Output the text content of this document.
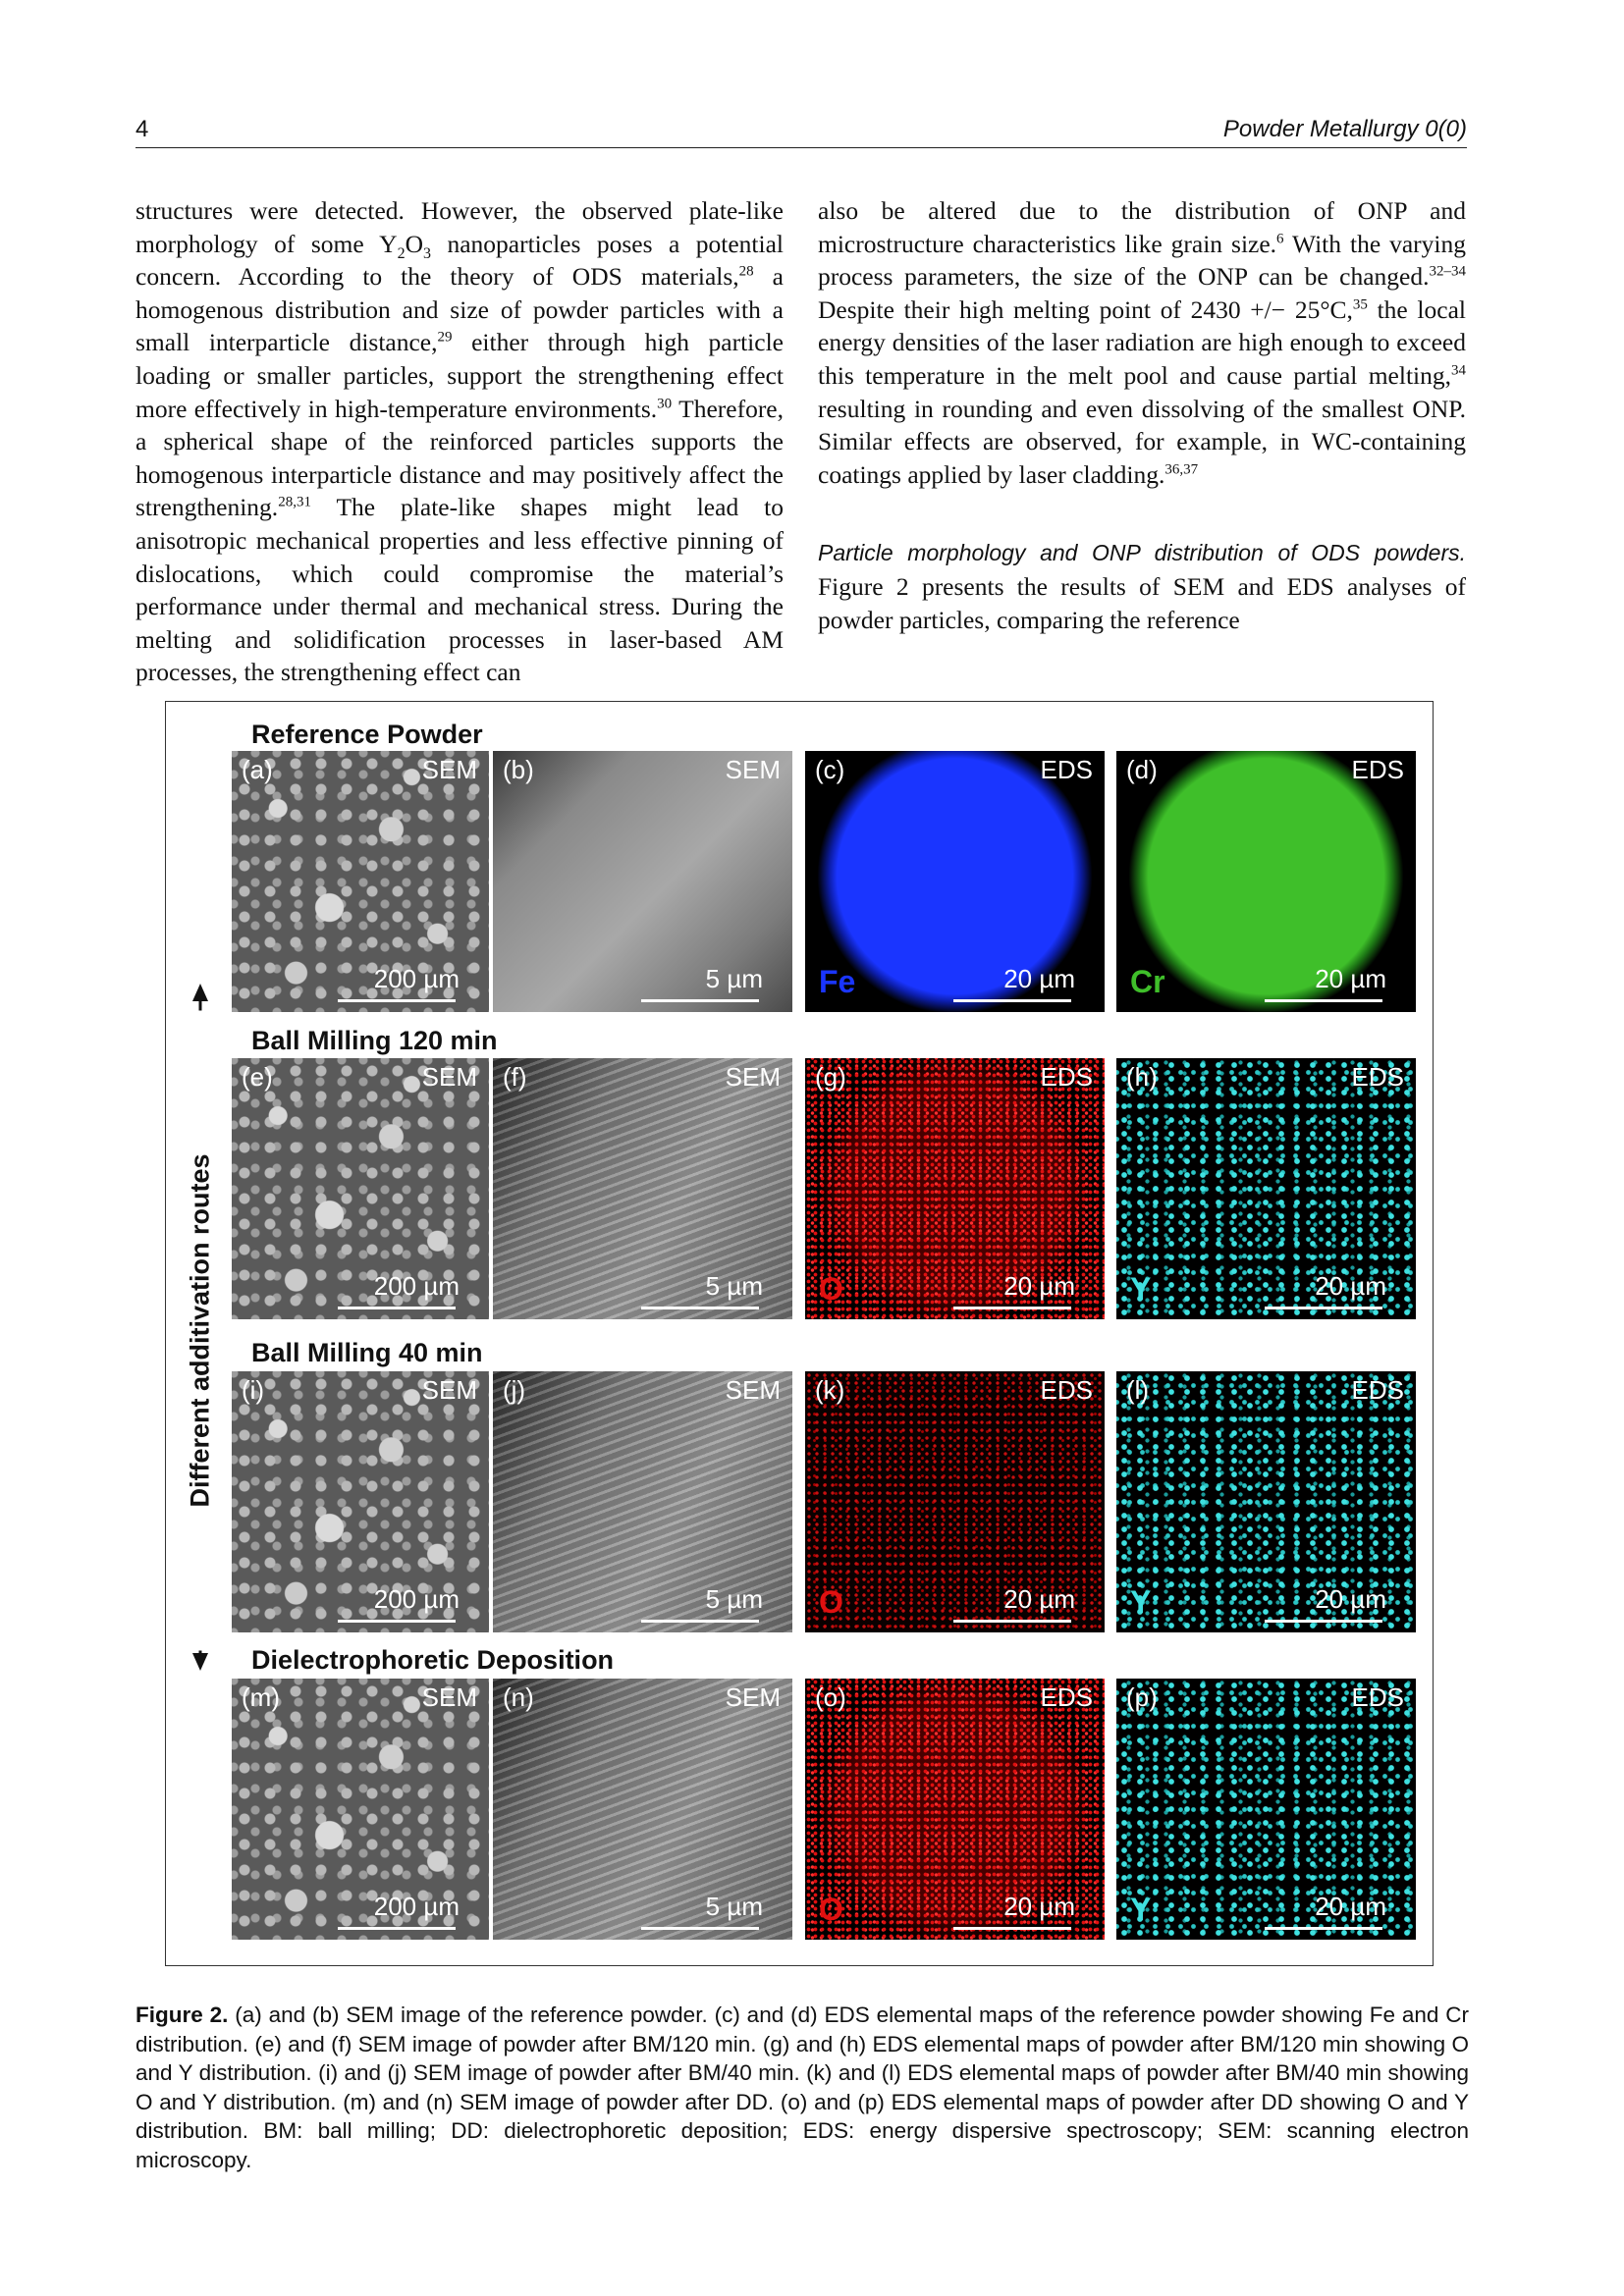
4	Powder Metallurgy 0(0)

structures were detected. However, the observed plate-like morphology of some $Y_2O_3$ nanoparticles poses a potential concern. According to the theory of ODS materials,$^{28}$ a homogenous distribution and size of powder particles with a small interparticle distance,$^{29}$ either through high particle loading or smaller particles, support the strengthening effect more effectively in high-temperature environments.$^{30}$ Therefore, a spherical shape of the reinforced particles supports the homogenous interparticle distance and may positively affect the strengthening.$^{28,31}$ The plate-like shapes might lead to anisotropic mechanical properties and less effective pinning of dislocations, which could compromise the material’s performance under thermal and mechanical stress. During the melting and solidification processes in laser-based AM processes, the strengthening effect can

also be altered due to the distribution of ONP and microstructure characteristics like grain size.$^6$ With the varying process parameters, the size of the ONP can be changed.$^{32-34}$ Despite their high melting point of 2430 +/− 25°C,$^{35}$ the local energy densities of the laser radiation are high enough to exceed this temperature in the melt pool and cause partial melting,$^{34}$ resulting in rounding and even dissolving of the smallest ONP. Similar effects are observed, for example, in WC-containing coatings applied by laser cladding.$^{36,37}$

Particle morphology and ONP distribution of ODS powders. Figure 2 presents the results of SEM and EDS analyses of powder particles, comparing the reference

Different additivation routes
Reference Powder
(a)	SEM
200 µm
(b)	SEM
5 µm
(c)	EDS
20 µm
Fe
(d)	EDS
20 µm
Cr
Ball Milling 120 min
(e)	SEM
200 µm
(f)	SEM
5 µm
(g)	EDS
20 µm
O
(h)	EDS
20 µm
Y
Ball Milling 40 min
(i)	SEM
200 µm
(j)	SEM
5 µm
(k)	EDS
20 µm
O
(l)	EDS
20 µm
Y
Dielectrophoretic Deposition
(m)	SEM
200 µm
(n)	SEM
5 µm
(o)	EDS
20 µm
O
(p)	EDS
20 µm
Y
Figure 2. (a) and (b) SEM image of the reference powder. (c) and (d) EDS elemental maps of the reference powder showing Fe and Cr distribution. (e) and (f) SEM image of powder after BM/120 min. (g) and (h) EDS elemental maps of powder after BM/120 min showing O and Y distribution. (i) and (j) SEM image of powder after BM/40 min. (k) and (l) EDS elemental maps of powder after BM/40 min showing O and Y distribution. (m) and (n) SEM image of powder after DD. (o) and (p) EDS elemental maps of powder after DD showing O and Y distribution. BM: ball milling; DD: dielectrophoretic deposition; EDS: energy dispersive spectroscopy; SEM: scanning electron microscopy.
